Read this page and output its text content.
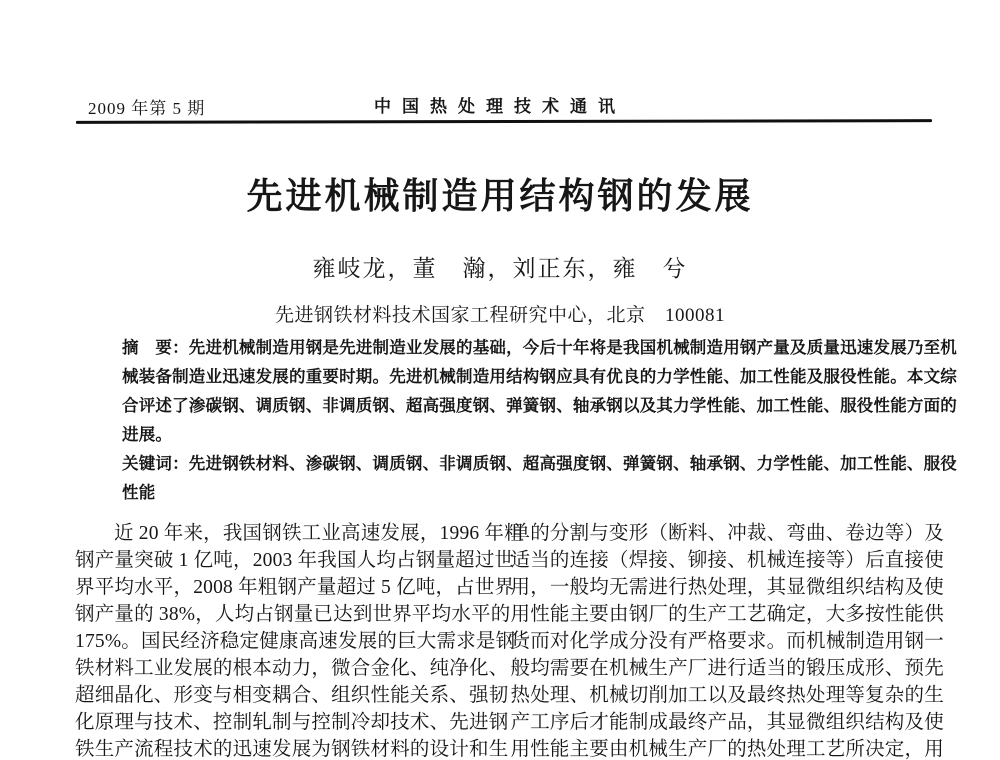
2009 年第 5 期	中国热处理技术通讯
先进机械制造用结构钢的发展
雍岐龙，董　瀚，刘正东，雍　兮
先进钢铁材料技术国家工程研究中心，北京　100081
摘　要：先进机械制造用钢是先进制造业发展的基础，今后十年将是我国机械制造用钢产量及质量迅速发展乃至机
械装备制造业迅速发展的重要时期。先进机械制造用结构钢应具有优良的力学性能、加工性能及服役性能。本文综
合评述了渗碳钢、调质钢、非调质钢、超高强度钢、弹簧钢、轴承钢以及其力学性能、加工性能、服役性能方面的
进展。
关键词：先进钢铁材料、渗碳钢、调质钢、非调质钢、超高强度钢、弹簧钢、轴承钢、力学性能、加工性能、服役
性能
近 20 年来，我国钢铁工业高速发展，1996 年粗
钢产量突破 1 亿吨，2003 年我国人均占钢量超过世
界平均水平，2008 年粗钢产量超过 5 亿吨，占世界
钢产量的 38%，人均占钢量已达到世界平均水平的
175%。国民经济稳定健康高速发展的巨大需求是钢
铁材料工业发展的根本动力，微合金化、纯净化、
超细晶化、形变与相变耦合、组织性能关系、强韧
化原理与技术、控制轧制与控制冷却技术、先进钢
铁生产流程技术的迅速发展为钢铁材料的设计和生
单的分割与变形（断料、冲裁、弯曲、卷边等）及
适当的连接（焊接、铆接、机械连接等）后直接使
用，一般均无需进行热处理，其显微组织结构及使
用性能主要由钢厂的生产工艺确定，大多按性能供
货而对化学成分没有严格要求。而机械制造用钢一
般均需要在机械生产厂进行适当的锻压成形、预先
热处理、机械切削加工以及最终热处理等复杂的生
产工序后才能制成最终产品，其显微组织结构及使
用性能主要由机械生产厂的热处理工艺所决定，用
